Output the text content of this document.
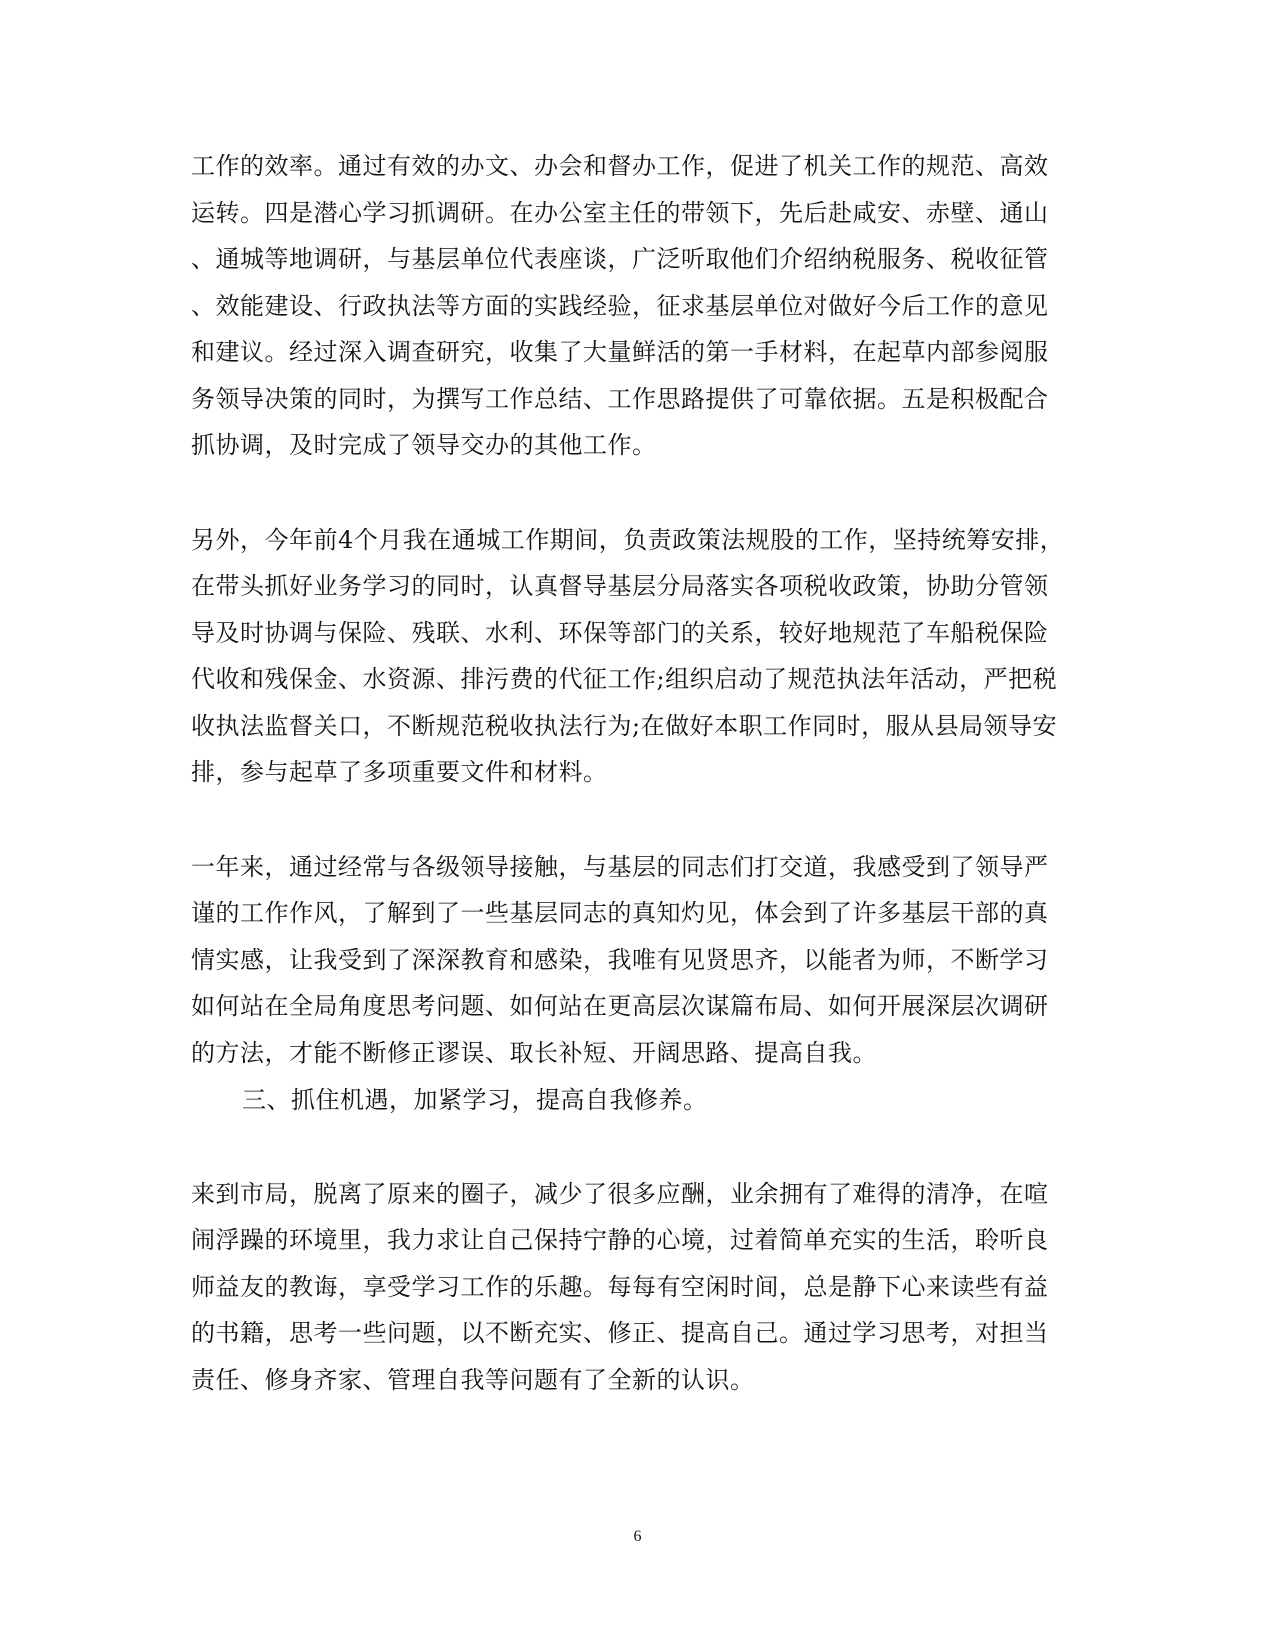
工作的效率。通过有效的办文、办会和督办工作，促进了机关工作的规范、高效
运转。四是潜心学习抓调研。在办公室主任的带领下，先后赴咸安、赤壁、通山
、通城等地调研，与基层单位代表座谈，广泛听取他们介绍纳税服务、税收征管
、效能建设、行政执法等方面的实践经验，征求基层单位对做好今后工作的意见
和建议。经过深入调查研究，收集了大量鲜活的第一手材料，在起草内部参阅服
务领导决策的同时，为撰写工作总结、工作思路提供了可靠依据。五是积极配合
抓协调，及时完成了领导交办的其他工作。
另外，今年前4个月我在通城工作期间，负责政策法规股的工作，坚持统筹安排，
在带头抓好业务学习的同时，认真督导基层分局落实各项税收政策，协助分管领
导及时协调与保险、残联、水利、环保等部门的关系，较好地规范了车船税保险
代收和残保金、水资源、排污费的代征工作;组织启动了规范执法年活动，严把税
收执法监督关口，不断规范税收执法行为;在做好本职工作同时，服从县局领导安
排，参与起草了多项重要文件和材料。
一年来，通过经常与各级领导接触，与基层的同志们打交道，我感受到了领导严
谨的工作作风，了解到了一些基层同志的真知灼见，体会到了许多基层干部的真
情实感，让我受到了深深教育和感染，我唯有见贤思齐，以能者为师，不断学习
如何站在全局角度思考问题、如何站在更高层次谋篇布局、如何开展深层次调研
的方法，才能不断修正谬误、取长补短、开阔思路、提高自我。
三、抓住机遇，加紧学习，提高自我修养。
来到市局，脱离了原来的圈子，减少了很多应酬，业余拥有了难得的清净，在喧
闹浮躁的环境里，我力求让自己保持宁静的心境，过着简单充实的生活，聆听良
师益友的教诲，享受学习工作的乐趣。每每有空闲时间，总是静下心来读些有益
的书籍，思考一些问题，以不断充实、修正、提高自己。通过学习思考，对担当
责任、修身齐家、管理自我等问题有了全新的认识。
6
